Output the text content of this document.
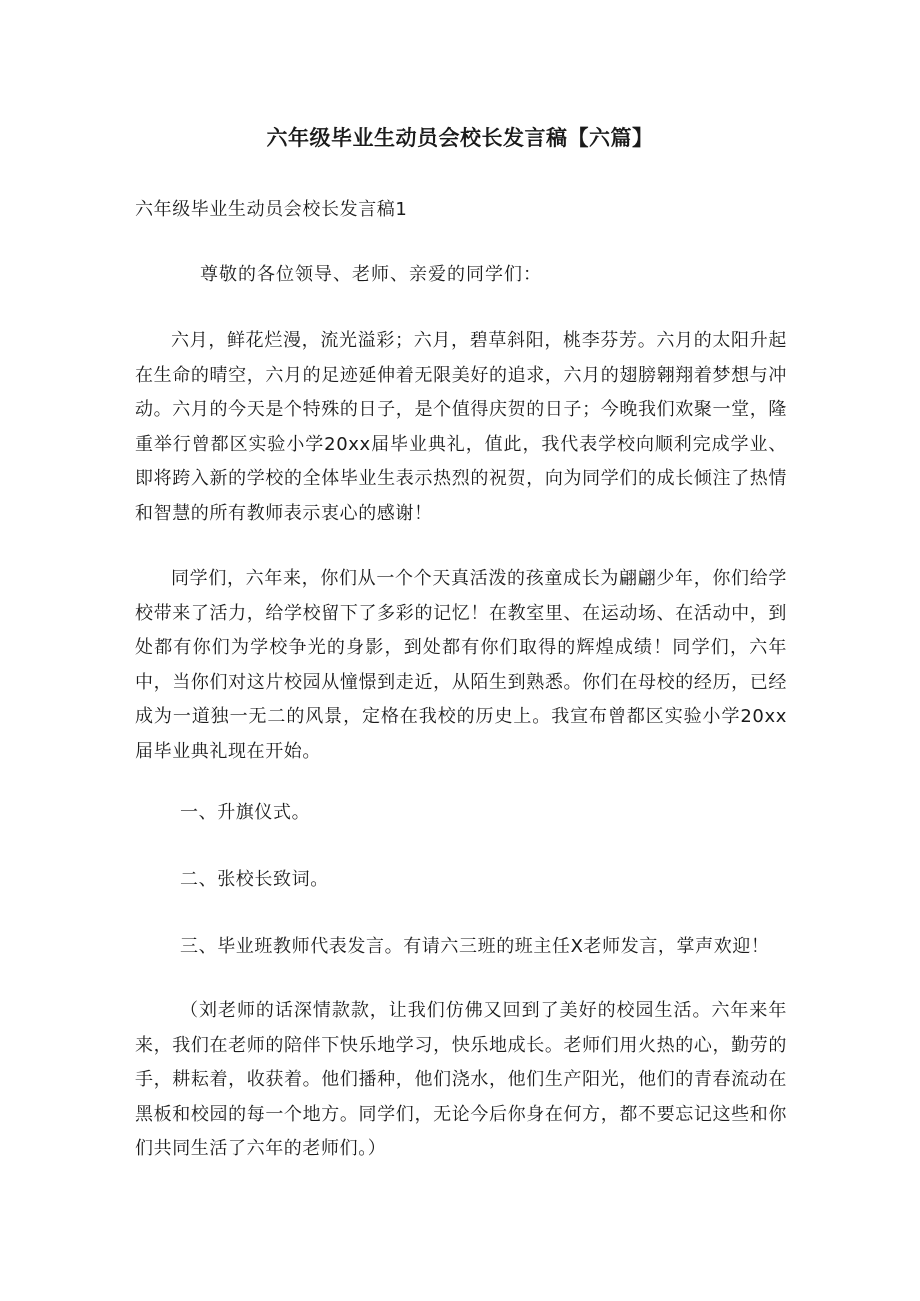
六年级毕业生动员会校长发言稿【六篇】

六年级毕业生动员会校长发言稿1

尊敬的各位领导、老师、亲爱的同学们：

六月，鲜花烂漫，流光溢彩；六月，碧草斜阳，桃李芬芳。六月的太阳升起在生命的晴空，六月的足迹延伸着无限美好的追求，六月的翅膀翱翔着梦想与冲动。六月的今天是个特殊的日子，是个值得庆贺的日子；今晚我们欢聚一堂，隆重举行曾都区实验小学20xx届毕业典礼，值此，我代表学校向顺利完成学业、即将跨入新的学校的全体毕业生表示热烈的祝贺，向为同学们的成长倾注了热情和智慧的所有教师表示衷心的感谢！

同学们，六年来，你们从一个个天真活泼的孩童成长为翩翩少年，你们给学校带来了活力，给学校留下了多彩的记忆！在教室里、在运动场、在活动中，到处都有你们为学校争光的身影，到处都有你们取得的辉煌成绩！同学们，六年中，当你们对这片校园从憧憬到走近，从陌生到熟悉。你们在母校的经历，已经成为一道独一无二的风景，定格在我校的历史上。我宣布曾都区实验小学20xx届毕业典礼现在开始。

一、升旗仪式。

二、张校长致词。

三、毕业班教师代表发言。有请六三班的班主任X老师发言，掌声欢迎！

（刘老师的话深情款款，让我们仿佛又回到了美好的校园生活。六年来年来，我们在老师的陪伴下快乐地学习，快乐地成长。老师们用火热的心，勤劳的手，耕耘着，收获着。他们播种，他们浇水，他们生产阳光，他们的青春流动在黑板和校园的每一个地方。同学们，无论今后你身在何方，都不要忘记这些和你们共同生活了六年的老师们。）
